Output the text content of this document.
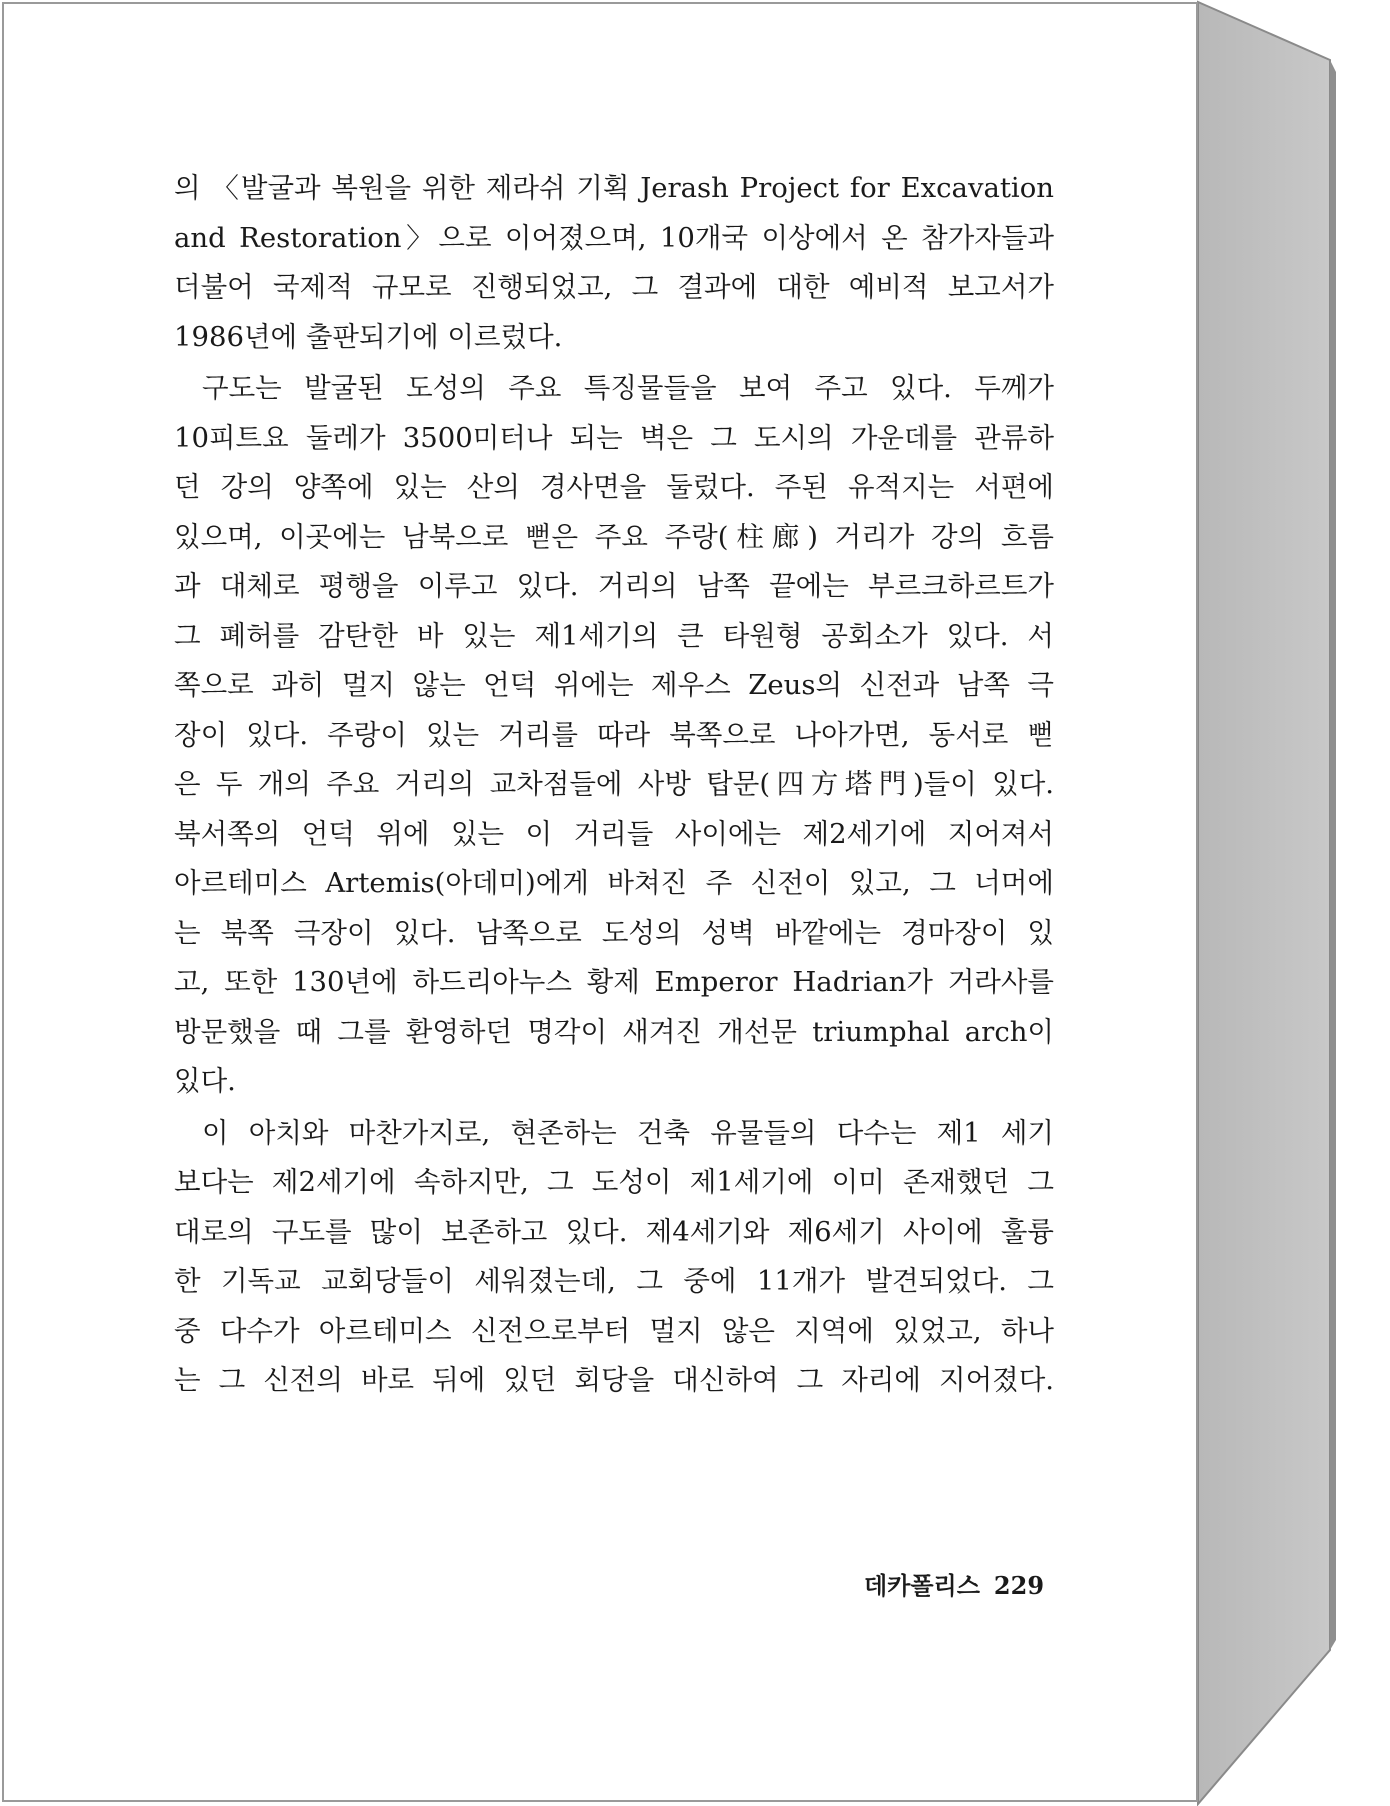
의 〈발굴과 복원을 위한 제라쉬 기획 Jerash Project for Excavation
and Restoration〉으로 이어졌으며, 10개국 이상에서 온 참가자들과
더불어 국제적 규모로 진행되었고, 그 결과에 대한 예비적 보고서가
1986년에 출판되기에 이르렀다.
구도는 발굴된 도성의 주요 특징물들을 보여 주고 있다. 두께가
10피트요 둘레가 3500미터나 되는 벽은 그 도시의 가운데를 관류하
던 강의 양쪽에 있는 산의 경사면을 둘렀다. 주된 유적지는 서편에
있으며, 이곳에는 남북으로 뻗은 주요 주랑(柱廊) 거리가 강의 흐름
과 대체로 평행을 이루고 있다. 거리의 남쪽 끝에는 부르크하르트가
그 폐허를 감탄한 바 있는 제1세기의 큰 타원형 공회소가 있다. 서
쪽으로 과히 멀지 않는 언덕 위에는 제우스 Zeus의 신전과 남쪽 극
장이 있다. 주랑이 있는 거리를 따라 북쪽으로 나아가면, 동서로 뻗
은 두 개의 주요 거리의 교차점들에 사방 탑문(四方塔門)들이 있다.
북서쪽의 언덕 위에 있는 이 거리들 사이에는 제2세기에 지어져서
아르테미스 Artemis(아데미)에게 바쳐진 주 신전이 있고, 그 너머에
는 북쪽 극장이 있다. 남쪽으로 도성의 성벽 바깥에는 경마장이 있
고, 또한 130년에 하드리아누스 황제 Emperor Hadrian가 거라사를
방문했을 때 그를 환영하던 명각이 새겨진 개선문 triumphal arch이
있다.
이 아치와 마찬가지로, 현존하는 건축 유물들의 다수는 제1 세기
보다는 제2세기에 속하지만, 그 도성이 제1세기에 이미 존재했던 그
대로의 구도를 많이 보존하고 있다. 제4세기와 제6세기 사이에 훌륭
한 기독교 교회당들이 세워졌는데, 그 중에 11개가 발견되었다. 그
중 다수가 아르테미스 신전으로부터 멀지 않은 지역에 있었고, 하나
는 그 신전의 바로 뒤에 있던 회당을 대신하여 그 자리에 지어졌다.
데카폴리스 229
